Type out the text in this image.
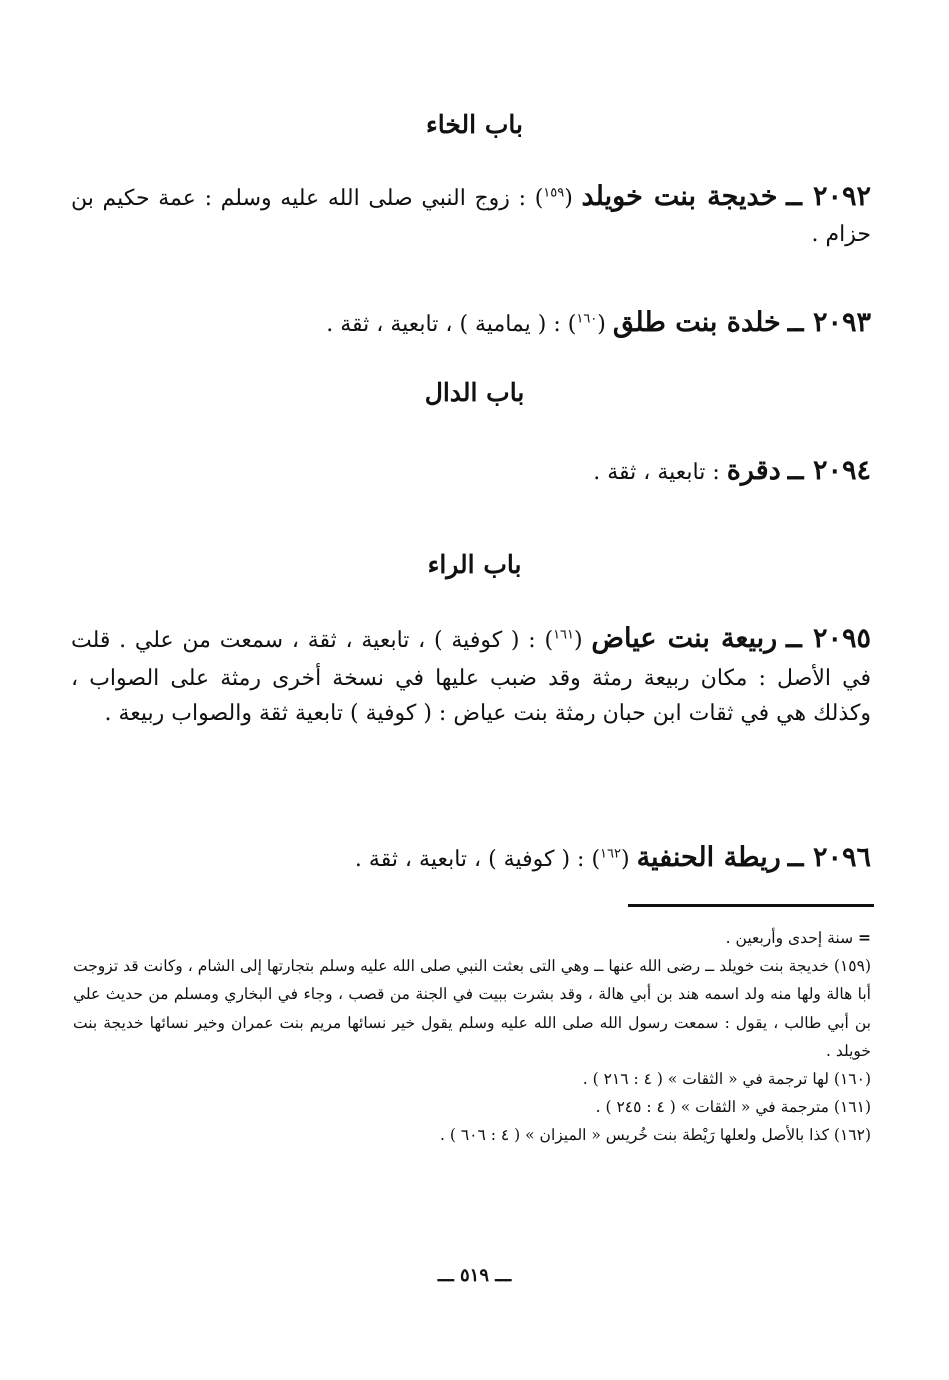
باب الخاء
٢٠٩٢ ــ خديجة بنت خويلد ($^{١٥٩}$) : زوج النبي صلى الله عليه وسلم : عمة حكيم بن حزام .
٢٠٩٣ ــ خلدة بنت طلق ($^{١٦٠}$) : ( يمامية ) ، تابعية ، ثقة .
باب الدال
٢٠٩٤ ــ دقرة : تابعية ، ثقة .
باب الراء
٢٠٩٥ ــ ربيعة بنت عياض ($^{١٦١}$) : ( كوفية ) ، تابعية ، ثقة ، سمعت من علي . قلت في الأصل : مكان ربيعة رمثة وقد ضبب عليها في نسخة أخرى رمثة على الصواب ، وكذلك هي في ثقات ابن حبان رمثة بنت عياض : ( كوفية ) تابعية ثقة والصواب ربيعة .
٢٠٩٦ ــ ريطة الحنفية ($^{١٦٢}$) : ( كوفية ) ، تابعية ، ثقة .

= سنة إحدى وأربعين .

(١٥٩) خديجة بنت خويلد ــ رضى الله عنها ــ وهي التى بعثت النبي صلى الله عليه وسلم بتجارتها إلى الشام ، وكانت قد تزوجت أبا هالة ولها منه ولد اسمه هند بن أبي هالة ، وقد بشرت ببيت في الجنة من قصب ، وجاء في البخاري ومسلم من حديث علي بن أبي طالب ، يقول : سمعت رسول الله صلى الله عليه وسلم يقول خير نسائها مريم بنت عمران وخير نسائها خديجة بنت خويلد .

(١٦٠) لها ترجمة في « الثقات » ( ٤ : ٢١٦ ) .

(١٦١) مترجمة في « الثقات » ( ٤ : ٢٤٥ ) .

(١٦٢) كذا بالأصل ولعلها رَيْطة بنت خُريس « الميزان » ( ٤ : ٦٠٦ ) .

ـــ ٥١٩ ـــ
